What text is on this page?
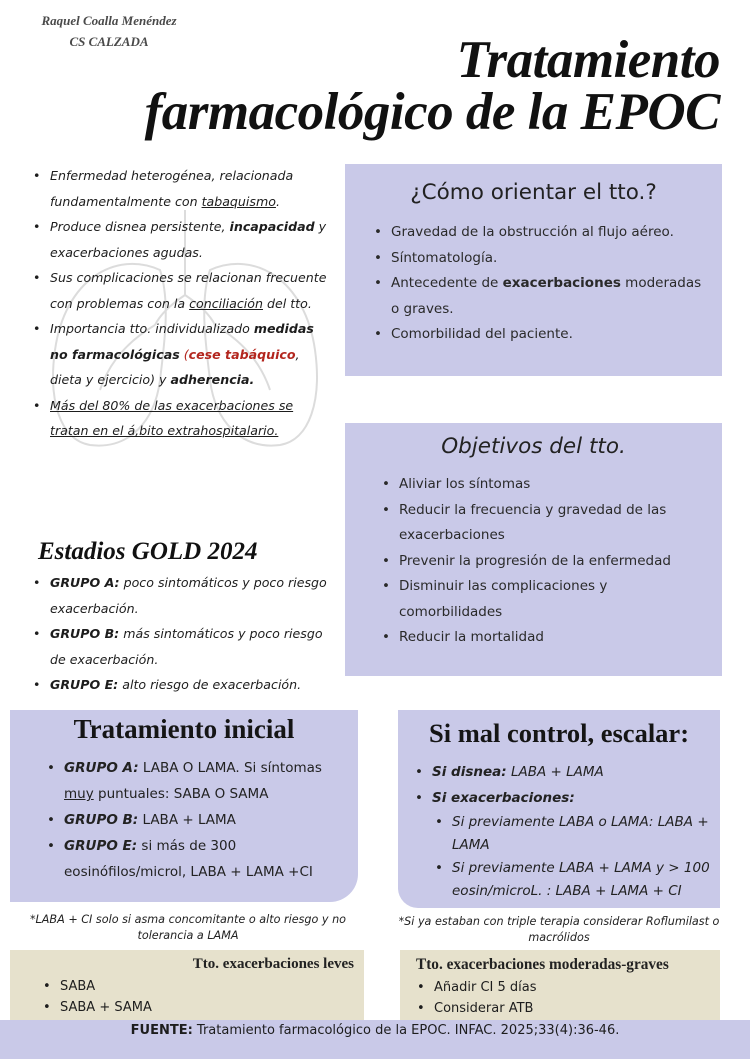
Raquel Coalla Menéndez
CS CALZADA	Tratamiento
farmacológico de la EPOC
• Enfermedad heterogénea, relacionada fundamentalmente con tabaquismo.
• Produce disnea persistente, incapacidad y exacerbaciones agudas.
• Sus complicaciones se relacionan frecuente con problemas con la conciliación del tto.
• Importancia tto. individualizado medidas no farmacológicas (cese tabáquico, dieta y ejercicio) y adherencia.
• Más del 80% de las exacerbaciones se tratan en el á,bito extrahospitalario.
¿Cómo orientar el tto.?
• Gravedad de la obstrucción al flujo aéreo.
• Síntomatología.
• Antecedente de exacerbaciones moderadas o graves.
• Comorbilidad del paciente.
Objetivos del tto.
• Aliviar los síntomas
• Reducir la frecuencia y gravedad de las exacerbaciones
• Prevenir la progresión de la enfermedad
• Disminuir las complicaciones y comorbilidades
• Reducir la mortalidad
Estadios GOLD 2024
• GRUPO A: poco sintomáticos y poco riesgo exacerbación.
• GRUPO B: más sintomáticos y poco riesgo de exacerbación.
• GRUPO E: alto riesgo de exacerbación.
Tratamiento inicial
• GRUPO A: LABA O LAMA. Si síntomas muy puntuales: SABA O SAMA
• GRUPO B: LABA + LAMA
• GRUPO E: si más de 300 eosinófilos/microl, LABA + LAMA +CI
*LABA + CI solo si asma concomitante o alto riesgo y no tolerancia a LAMA
Si mal control, escalar:
• Si disnea: LABA + LAMA
• Si exacerbaciones:
• Si previamente LABA o LAMA: LABA + LAMA
• Si previamente LABA + LAMA y > 100 eosin/microL. : LABA + LAMA + CI
*Si ya estaban con triple terapia considerar Roflumilast o macrólidos
Tto. exacerbaciones leves
• SABA
• SABA + SAMA
Tto. exacerbaciones moderadas-graves
• Añadir CI 5 días
• Considerar ATB
FUENTE: Tratamiento farmacológico de la EPOC. INFAC. 2025;33(4):36-46.
